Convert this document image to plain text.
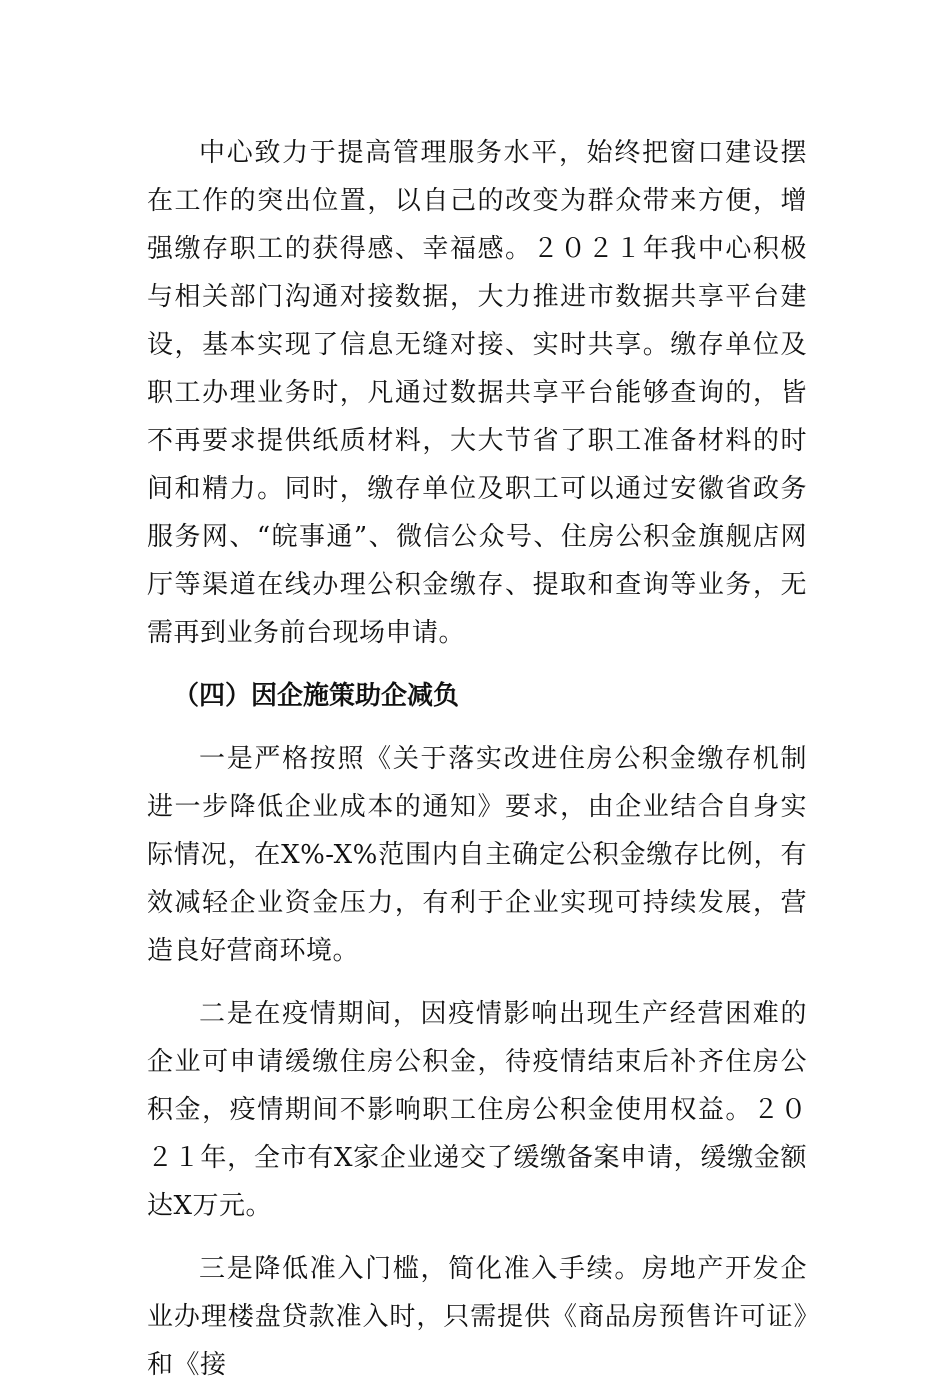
中心致力于提高管理服务水平，始终把窗口建设摆在工作的突出位置，以自己的改变为群众带来方便，增强缴存职工的获得感、幸福感。２０２１年我中心积极与相关部门沟通对接数据，大力推进市数据共享平台建设，基本实现了信息无缝对接、实时共享。缴存单位及职工办理业务时，凡通过数据共享平台能够查询的，皆不再要求提供纸质材料，大大节省了职工准备材料的时间和精力。同时，缴存单位及职工可以通过安徽省政务服务网、“皖事通”、微信公众号、住房公积金旗舰店网厅等渠道在线办理公积金缴存、提取和查询等业务，无需再到业务前台现场申请。

（四）因企施策助企减负

一是严格按照《关于落实改进住房公积金缴存机制进一步降低企业成本的通知》要求，由企业结合自身实际情况，在X%-X%范围内自主确定公积金缴存比例，有效减轻企业资金压力，有利于企业实现可持续发展，营造良好营商环境。

二是在疫情期间，因疫情影响出现生产经营困难的企业可申请缓缴住房公积金，待疫情结束后补齐住房公积金，疫情期间不影响职工住房公积金使用权益。２０２１年，全市有X家企业递交了缓缴备案申请，缓缴金额达X万元。

三是降低准入门槛，简化准入手续。房地产开发企业办理楼盘贷款准入时，只需提供《商品房预售许可证》和《接
